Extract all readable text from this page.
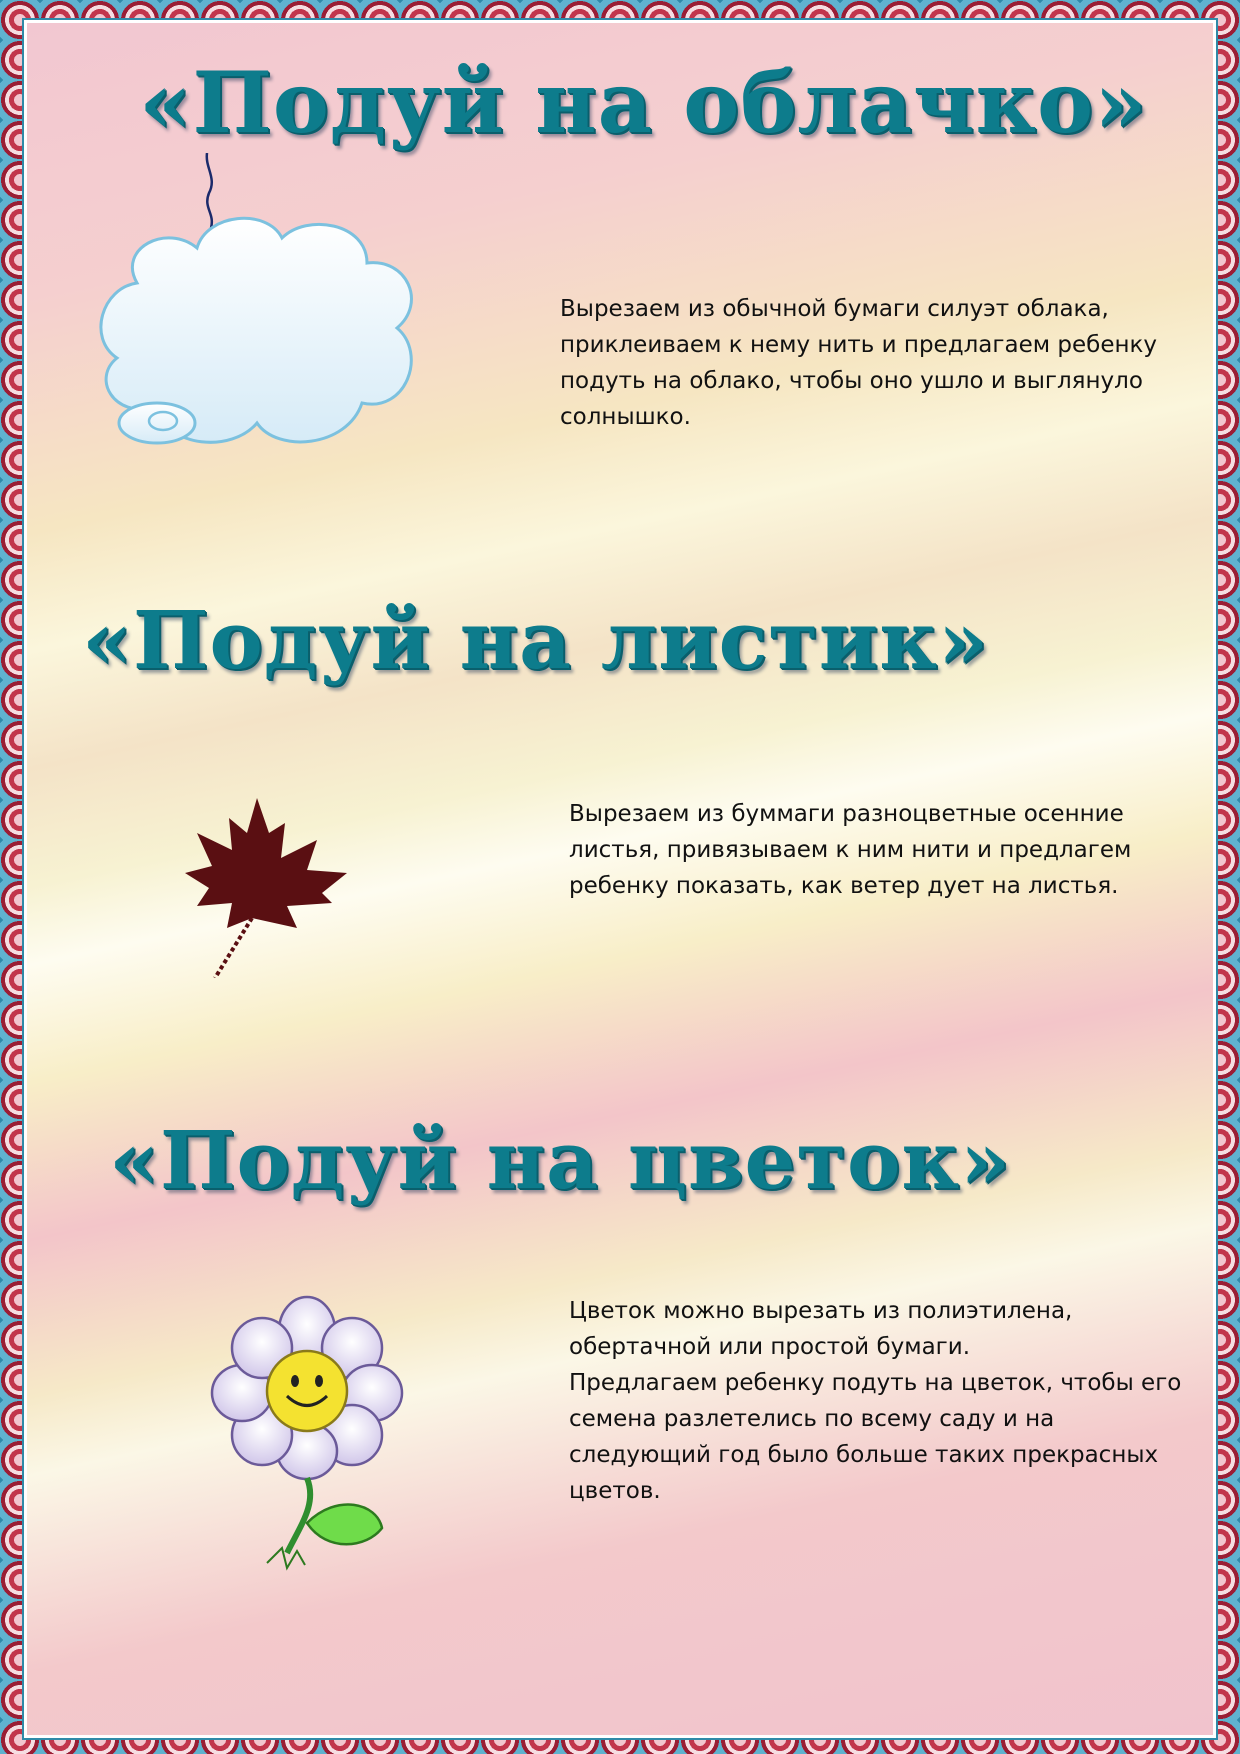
«Подуй на облачко»

Вырезаем из обычной бумаги силуэт облака,
приклеиваем к нему нить и предлагаем ребенку
подуть на облако, чтобы оно ушло и выглянуло
солнышко.

«Подуй на листик»

Вырезаем из буммаги разноцветные осенние
листья, привязываем к ним нити и предлагем
ребенку показать, как ветер дует на листья.

«Подуй на цветок»

Цветок можно вырезать из полиэтилена,
обертачной или простой бумаги.
Предлагаем ребенку подуть на цветок, чтобы его
семена разлетелись по всему саду и на
следующий год было больше таких прекрасных
цветов.
